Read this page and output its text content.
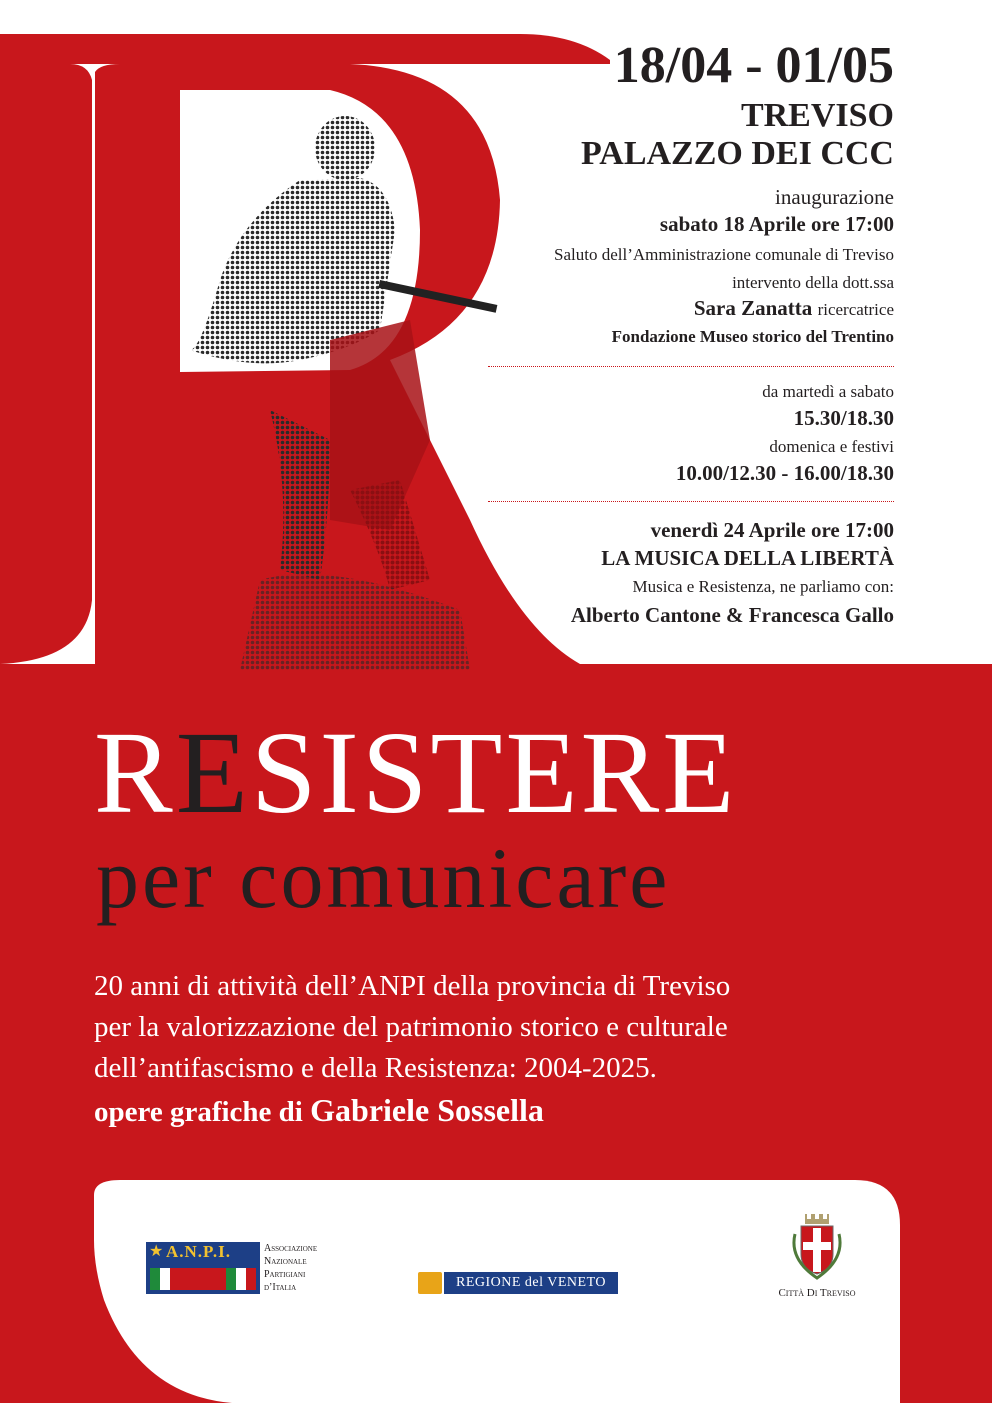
18/04 - 01/05
TREVISO
PALAZZO DEI CCC
inaugurazione
sabato 18 Aprile ore 17:00
Saluto dell’Amministrazione comunale di Treviso
intervento della dott.ssa
Sara Zanatta ricercatrice
Fondazione Museo storico del Trentino
da martedì a sabato
15.30/18.30
domenica e festivi
10.00/12.30 - 16.00/18.30
venerdì 24 Aprile ore 17:00
LA MUSICA DELLA LIBERTÀ
Musica e Resistenza, ne parliamo con:
Alberto Cantone & Francesca Gallo
RESISTERE
per comunicare
20 anni di attività dell’ANPI della provincia di Treviso
per la valorizzazione del patrimonio storico e culturale
dell’antifascismo e della Resistenza: 2004-2025.
opere grafiche di Gabriele Sossella
★ A.N.P.I.	Associazione
Nazionale
Partigiani
d’Italia	REGIONE del VENETO
Città Di Treviso
